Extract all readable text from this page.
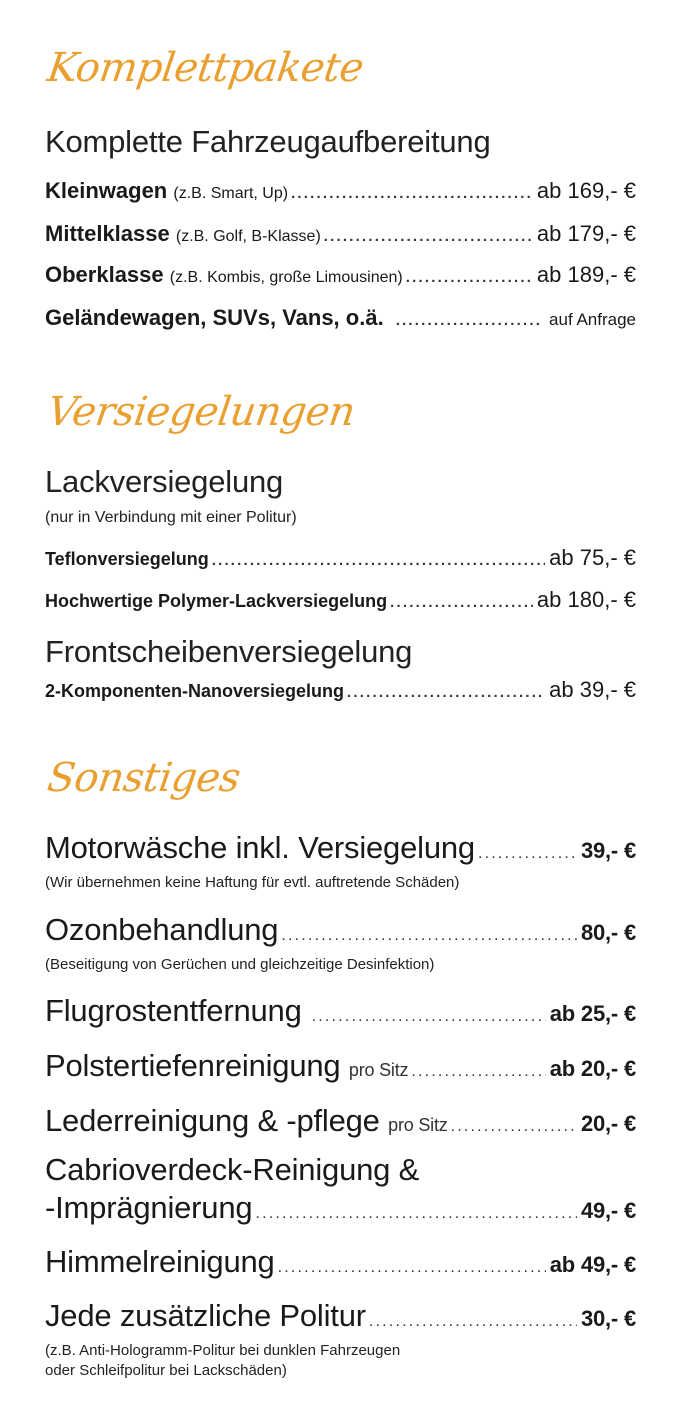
Komplettpakete
Komplette Fahrzeugaufbereitung
Kleinwagen (z.B. Smart, Up) .....	ab 169,- €
Mittelklasse (z.B. Golf, B-Klasse) .....	ab 179,- €
Oberklasse (z.B. Kombis, große Limousinen) .....	ab 189,- €
Geländewagen, SUVs, Vans, o.ä. .....	auf Anfrage
Versiegelungen
Lackversiegelung
(nur in Verbindung mit einer Politur)
Teflonversiegelung .....	ab 75,- €
Hochwertige Polymer-Lackversiegelung .....	ab 180,- €
Frontscheibenversiegelung
2-Komponenten-Nanoversiegelung .....	ab 39,- €
Sonstiges
Motorwäsche inkl. Versiegelung .....	39,- €
(Wir übernehmen keine Haftung für evtl. auftretende Schäden)
Ozonbehandlung .....	80,- €
(Beseitigung von Gerüchen und gleichzeitige Desinfektion)
Flugrostentfernung .....	ab 25,- €
Polstertiefenreinigung pro Sitz .....	ab 20,- €
Lederreinigung & -pflege pro Sitz .....	20,- €
Cabrioverdeck-Reinigung &
-Imprägnierung .....	49,- €
Himmelreinigung .....	ab 49,- €
Jede zusätzliche Politur .....	30,- €
(z.B. Anti-Hologramm-Politur bei dunklen Fahrzeugen
oder Schleifpolitur bei Lackschäden)
